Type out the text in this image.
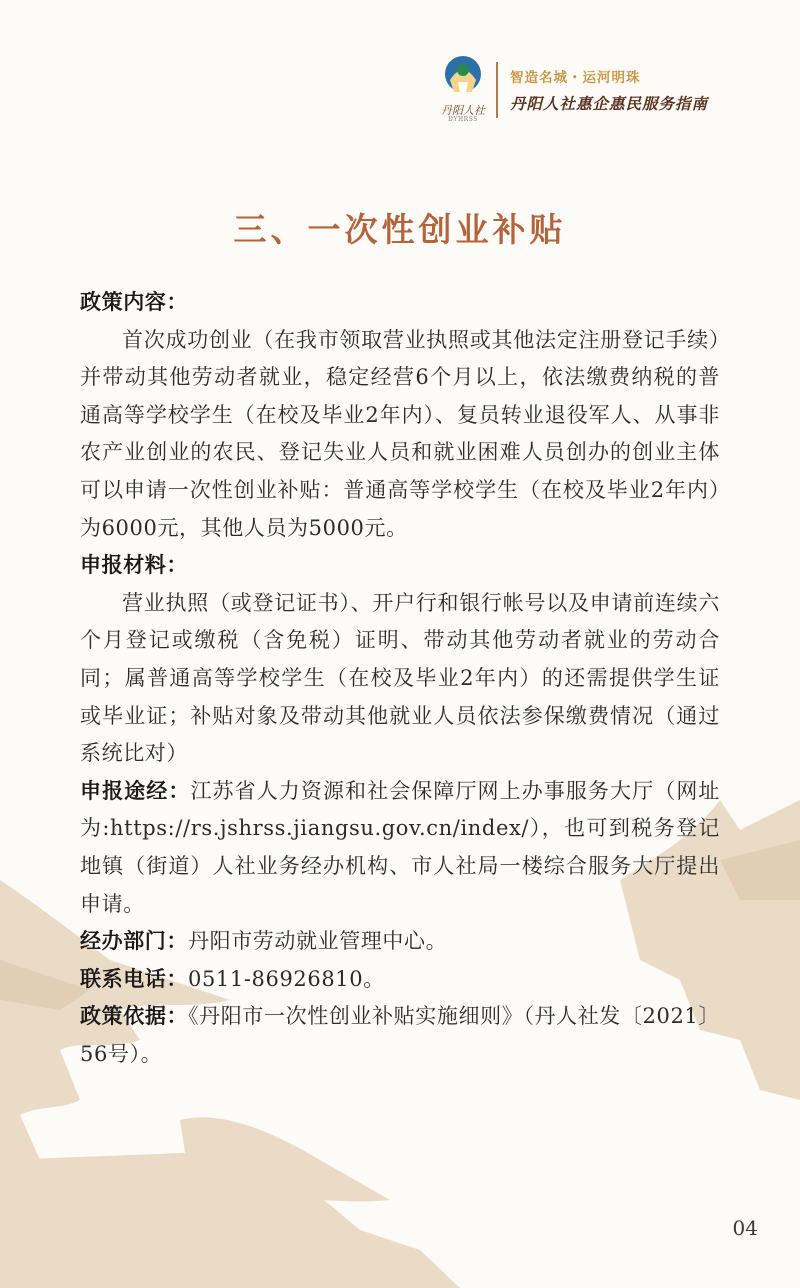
丹阳人社
DYHRSS
智造名城・运河明珠
丹阳人社惠企惠民服务指南
三、一次性创业补贴

政策内容：

首次成功创业（在我市领取营业执照或其他法定注册登记手续）并带动其他劳动者就业，稳定经营6个月以上，依法缴费纳税的普通高等学校学生（在校及毕业2年内）、复员转业退役军人、从事非农产业创业的农民、登记失业人员和就业困难人员创办的创业主体可以申请一次性创业补贴：普通高等学校学生（在校及毕业2年内）为6000元，其他人员为5000元。

申报材料：

营业执照（或登记证书）、开户行和银行帐号以及申请前连续六个月登记或缴税（含免税）证明、带动其他劳动者就业的劳动合同；属普通高等学校学生（在校及毕业2年内）的还需提供学生证或毕业证；补贴对象及带动其他就业人员依法参保缴费情况（通过系统比对）

申报途经：江苏省人力资源和社会保障厅网上办事服务大厅（网址为:https://rs.jshrss.jiangsu.gov.cn/index/），也可到税务登记地镇（街道）人社业务经办机构、市人社局一楼综合服务大厅提出申请。

经办部门：丹阳市劳动就业管理中心。

联系电话：0511-86926810。

政策依据：《丹阳市一次性创业补贴实施细则》（丹人社发〔2021〕56号）。

04
